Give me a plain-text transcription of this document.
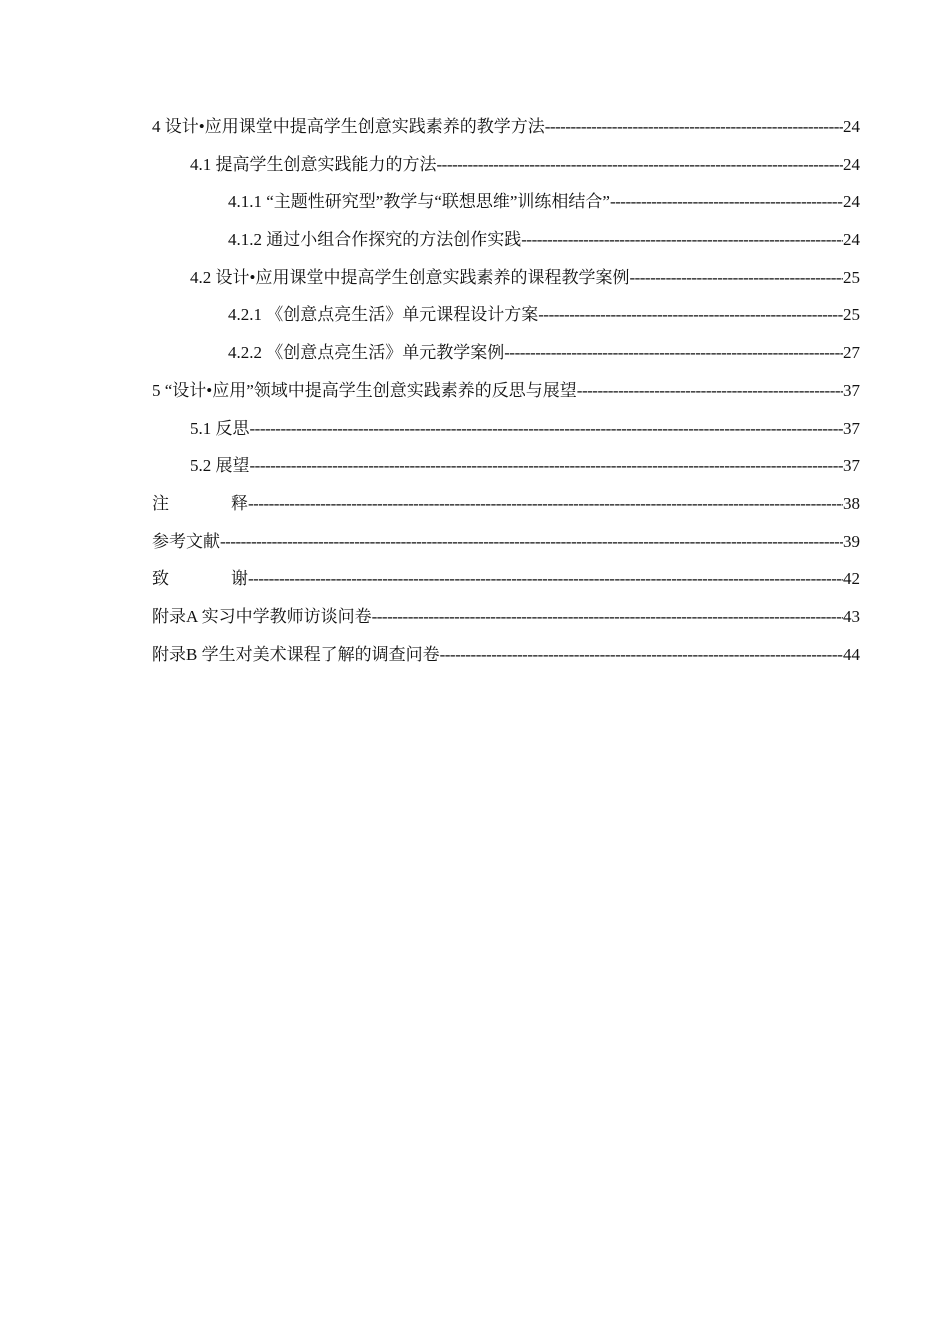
4 设计•应用课堂中提高学生创意实践素养的教学方法 -----	24
4.1 提高学生创意实践能力的方法 -----	24
4.1.1 “主题性研究型”教学与“联想思维”训练相结合” -----	24
4.1.2 通过小组合作探究的方法创作实践 -----	24
4.2 设计•应用课堂中提高学生创意实践素养的课程教学案例 -----	25
4.2.1 《创意点亮生活》单元课程设计方案 -----	25
4.2.2 《创意点亮生活》单元教学案例 -----	27
5 “设计•应用”领域中提高学生创意实践素养的反思与展望 -----	37
5.1 反思 -----	37
5.2 展望 -----	37
注	释 -----	38
参考文献 -----	39
致	谢 -----	42
附录A 实习中学教师访谈问卷 -----	43
附录B 学生对美术课程了解的调查问卷 -----	44
